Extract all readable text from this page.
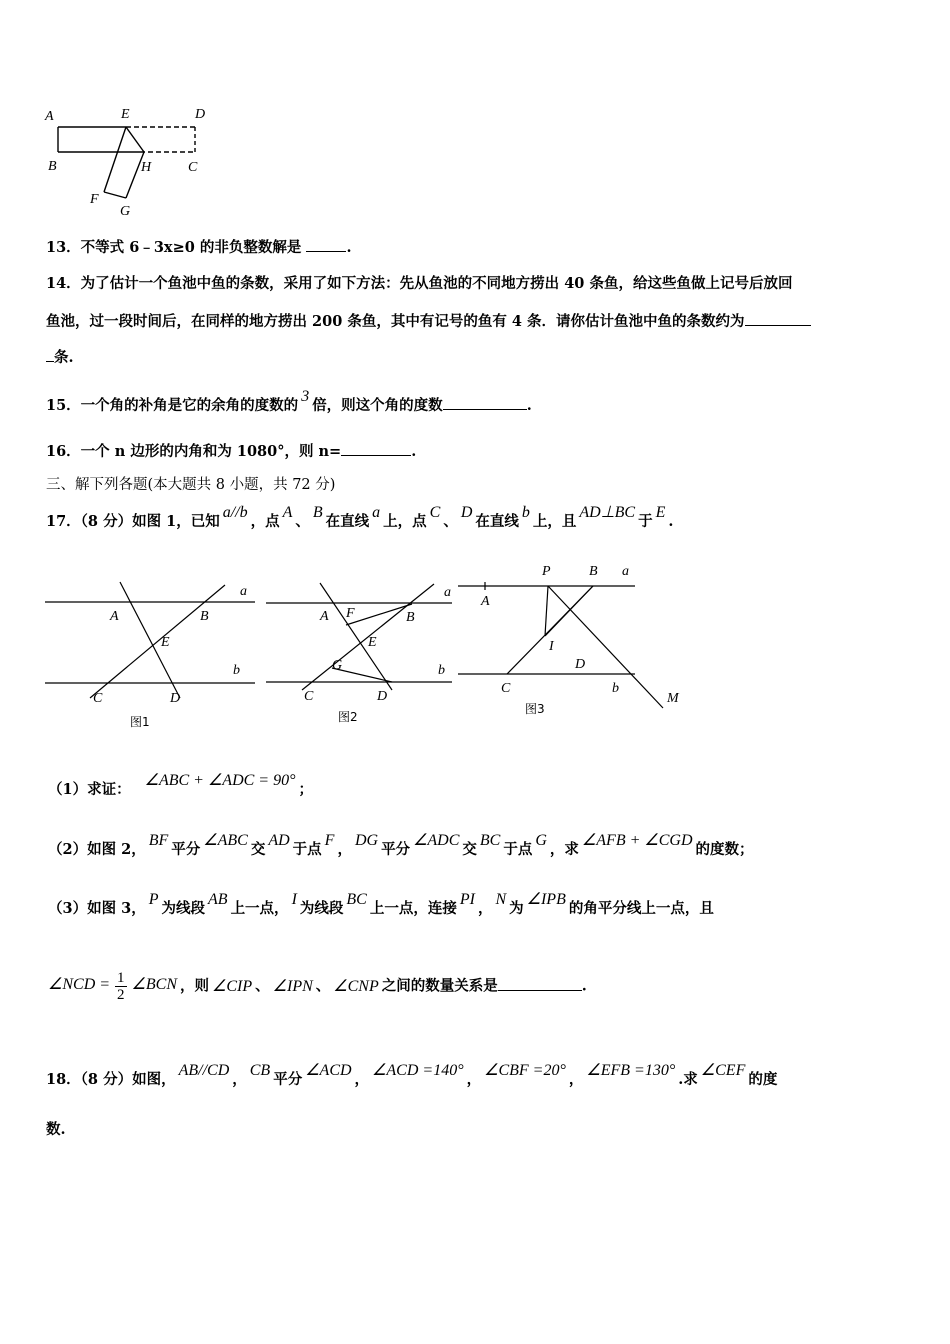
A	E	D
B	H	C
F
G
13．不等式 6﹣3x≥0 的非负整数解是	.
14．为了估计一个鱼池中鱼的条数，采用了如下方法：先从鱼池的不同地方捞出 40 条鱼，给这些鱼做上记号后放回
鱼池，过一段时间后，在同样的地方捞出 200 条鱼，其中有记号的鱼有 4 条．请你估计鱼池中鱼的条数约为
条.
15．一个角的补角是它的余角的度数的3倍，则这个角的度数	.
16．一个 n 边形的内角和为 1080°，则 n=	.
三、解下列各题(本大题共 8 小题，共 72 分)
17．（8 分）如图 1，已知a//b，点A、B在直线a上，点C、D在直线b上，且AD⊥BC于E.
a
A	B
E
b
C	D
图1
a
A F	B
E
G	b
C	D
图2
P	B a
A
I
D
C	b
M
图3
（1）求证：∠ABC + ∠ADC = 90°；
（2）如图 2，BF平分∠ABC交AD于点F，DG平分∠ADC交BC于点G，求∠AFB + ∠CGD的度数；
（3）如图 3，P为线段AB上一点，I为线段BC上一点，连接PI，N为∠IPB的角平分线上一点，且
∠NCD = $\frac{1}{2}$ ∠BCN ，则 ∠CIP 、 ∠IPN 、 ∠CNP 之间的数量关系是	.
18．（8 分）如图，AB//CD，CB平分∠ACD，∠ACD =140°，∠CBF =20°，∠EFB =130°.求∠CEF的度
数.
